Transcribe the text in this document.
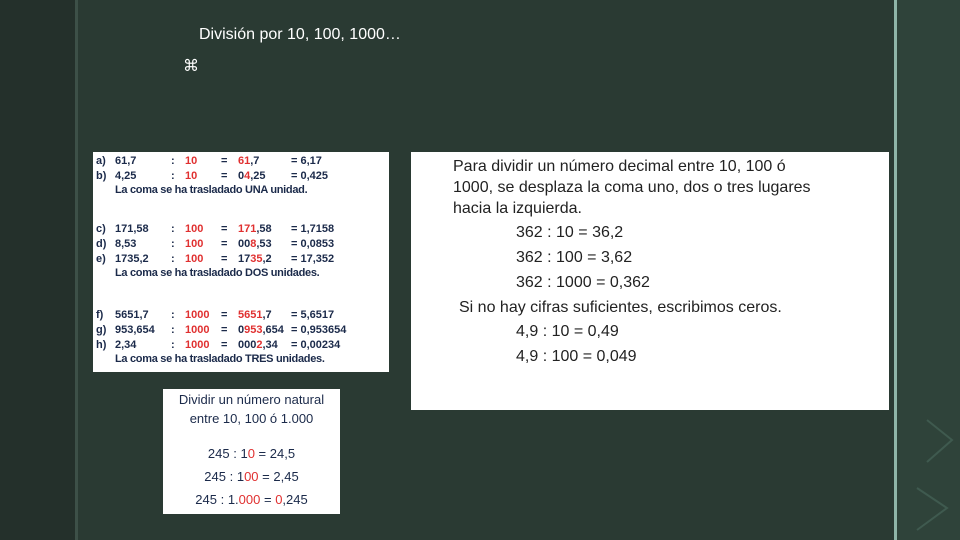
División por 10, 100, 1000…
⌘
a) 61,7	: 10 = 61,7	= 6,17
b) 4,25	: 10 = 04,25 = 0,425
La coma se ha trasladado UNA unidad.
c) 171,58 : 100 = 171,58 = 1,7158
d) 8,53	: 100 = 008,53 = 0,0853
e) 1735,2 : 100 = 1735,2 = 17,352
La coma se ha trasladado DOS unidades.
f) 5651,7 : 1000 = 5651,7 = 5,6517
g) 953,654 : 1000 = 0953,654 = 0,953654
h) 2,34	: 1000 = 0002,34 = 0,00234
La coma se ha trasladado TRES unidades.
Dividir un número natural
entre 10, 100 ó 1.000
245 : 10 = 24,5
245 : 100 = 2,45
245 : 1.000 = 0,245
Para dividir un número decimal entre 10, 100 ó
1000, se desplaza la coma uno, dos o tres lugares
hacia la izquierda.
362 : 10 = 36,2
362 : 100 = 3,62
362 : 1000 = 0,362
Si no hay cifras suficientes, escribimos ceros.
4,9 : 10 = 0,49
4,9 : 100 = 0,049
